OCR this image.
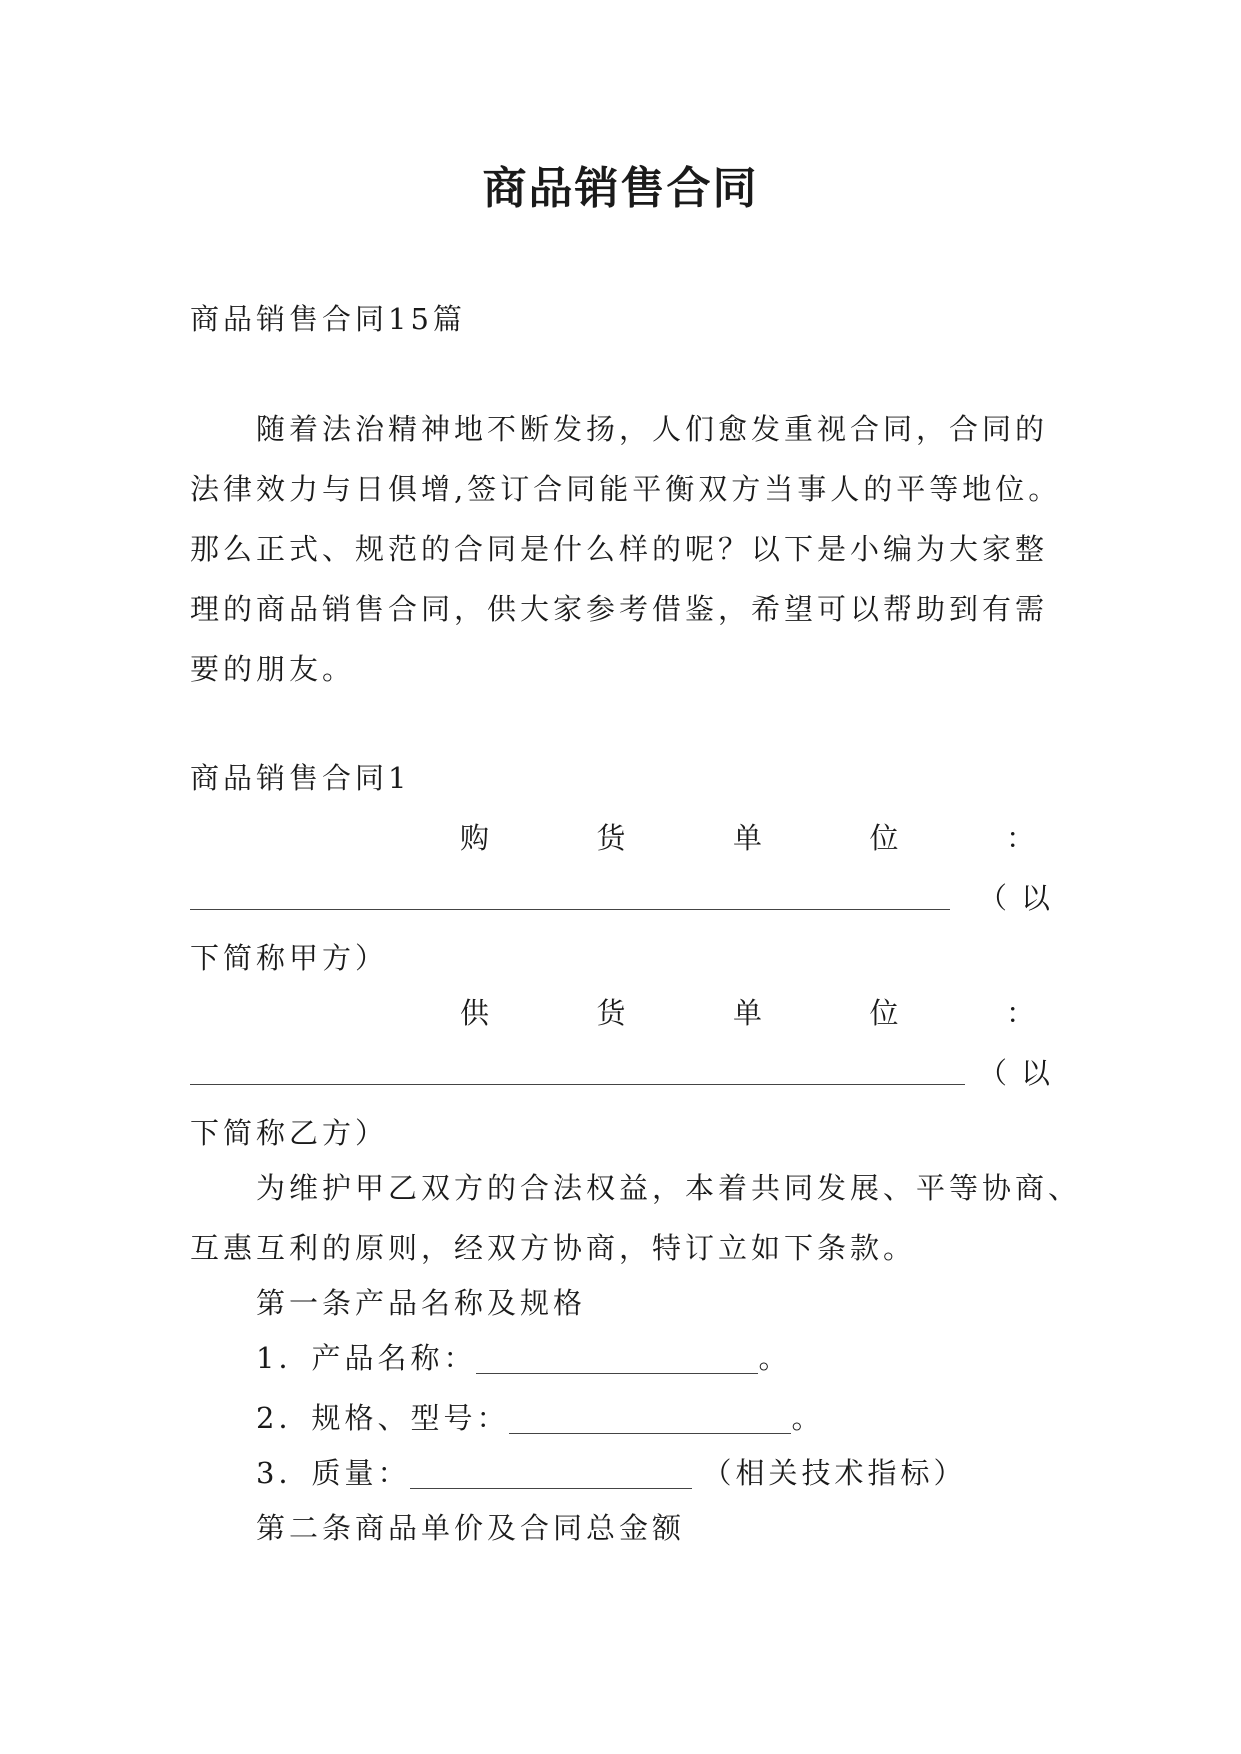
商品销售合同
商品销售合同15篇
随着法治精神地不断发扬，人们愈发重视合同，合同的
法律效力与日俱增,签订合同能平衡双方当事人的平等地位。
那么正式、规范的合同是什么样的呢？以下是小编为大家整
理的商品销售合同，供大家参考借鉴，希望可以帮助到有需
要的朋友。
商品销售合同1
购	货	单	位	：
（以
下简称甲方）
供	货	单	位	：
（以
下简称乙方）
为维护甲乙双方的合法权益，本着共同发展、平等协商、
互惠互利的原则，经双方协商，特订立如下条款。
第一条产品名称及规格
1．产品名称：	。
2．规格、型号：	。
3．质量：	（相关技术指标）
第二条商品单价及合同总金额
